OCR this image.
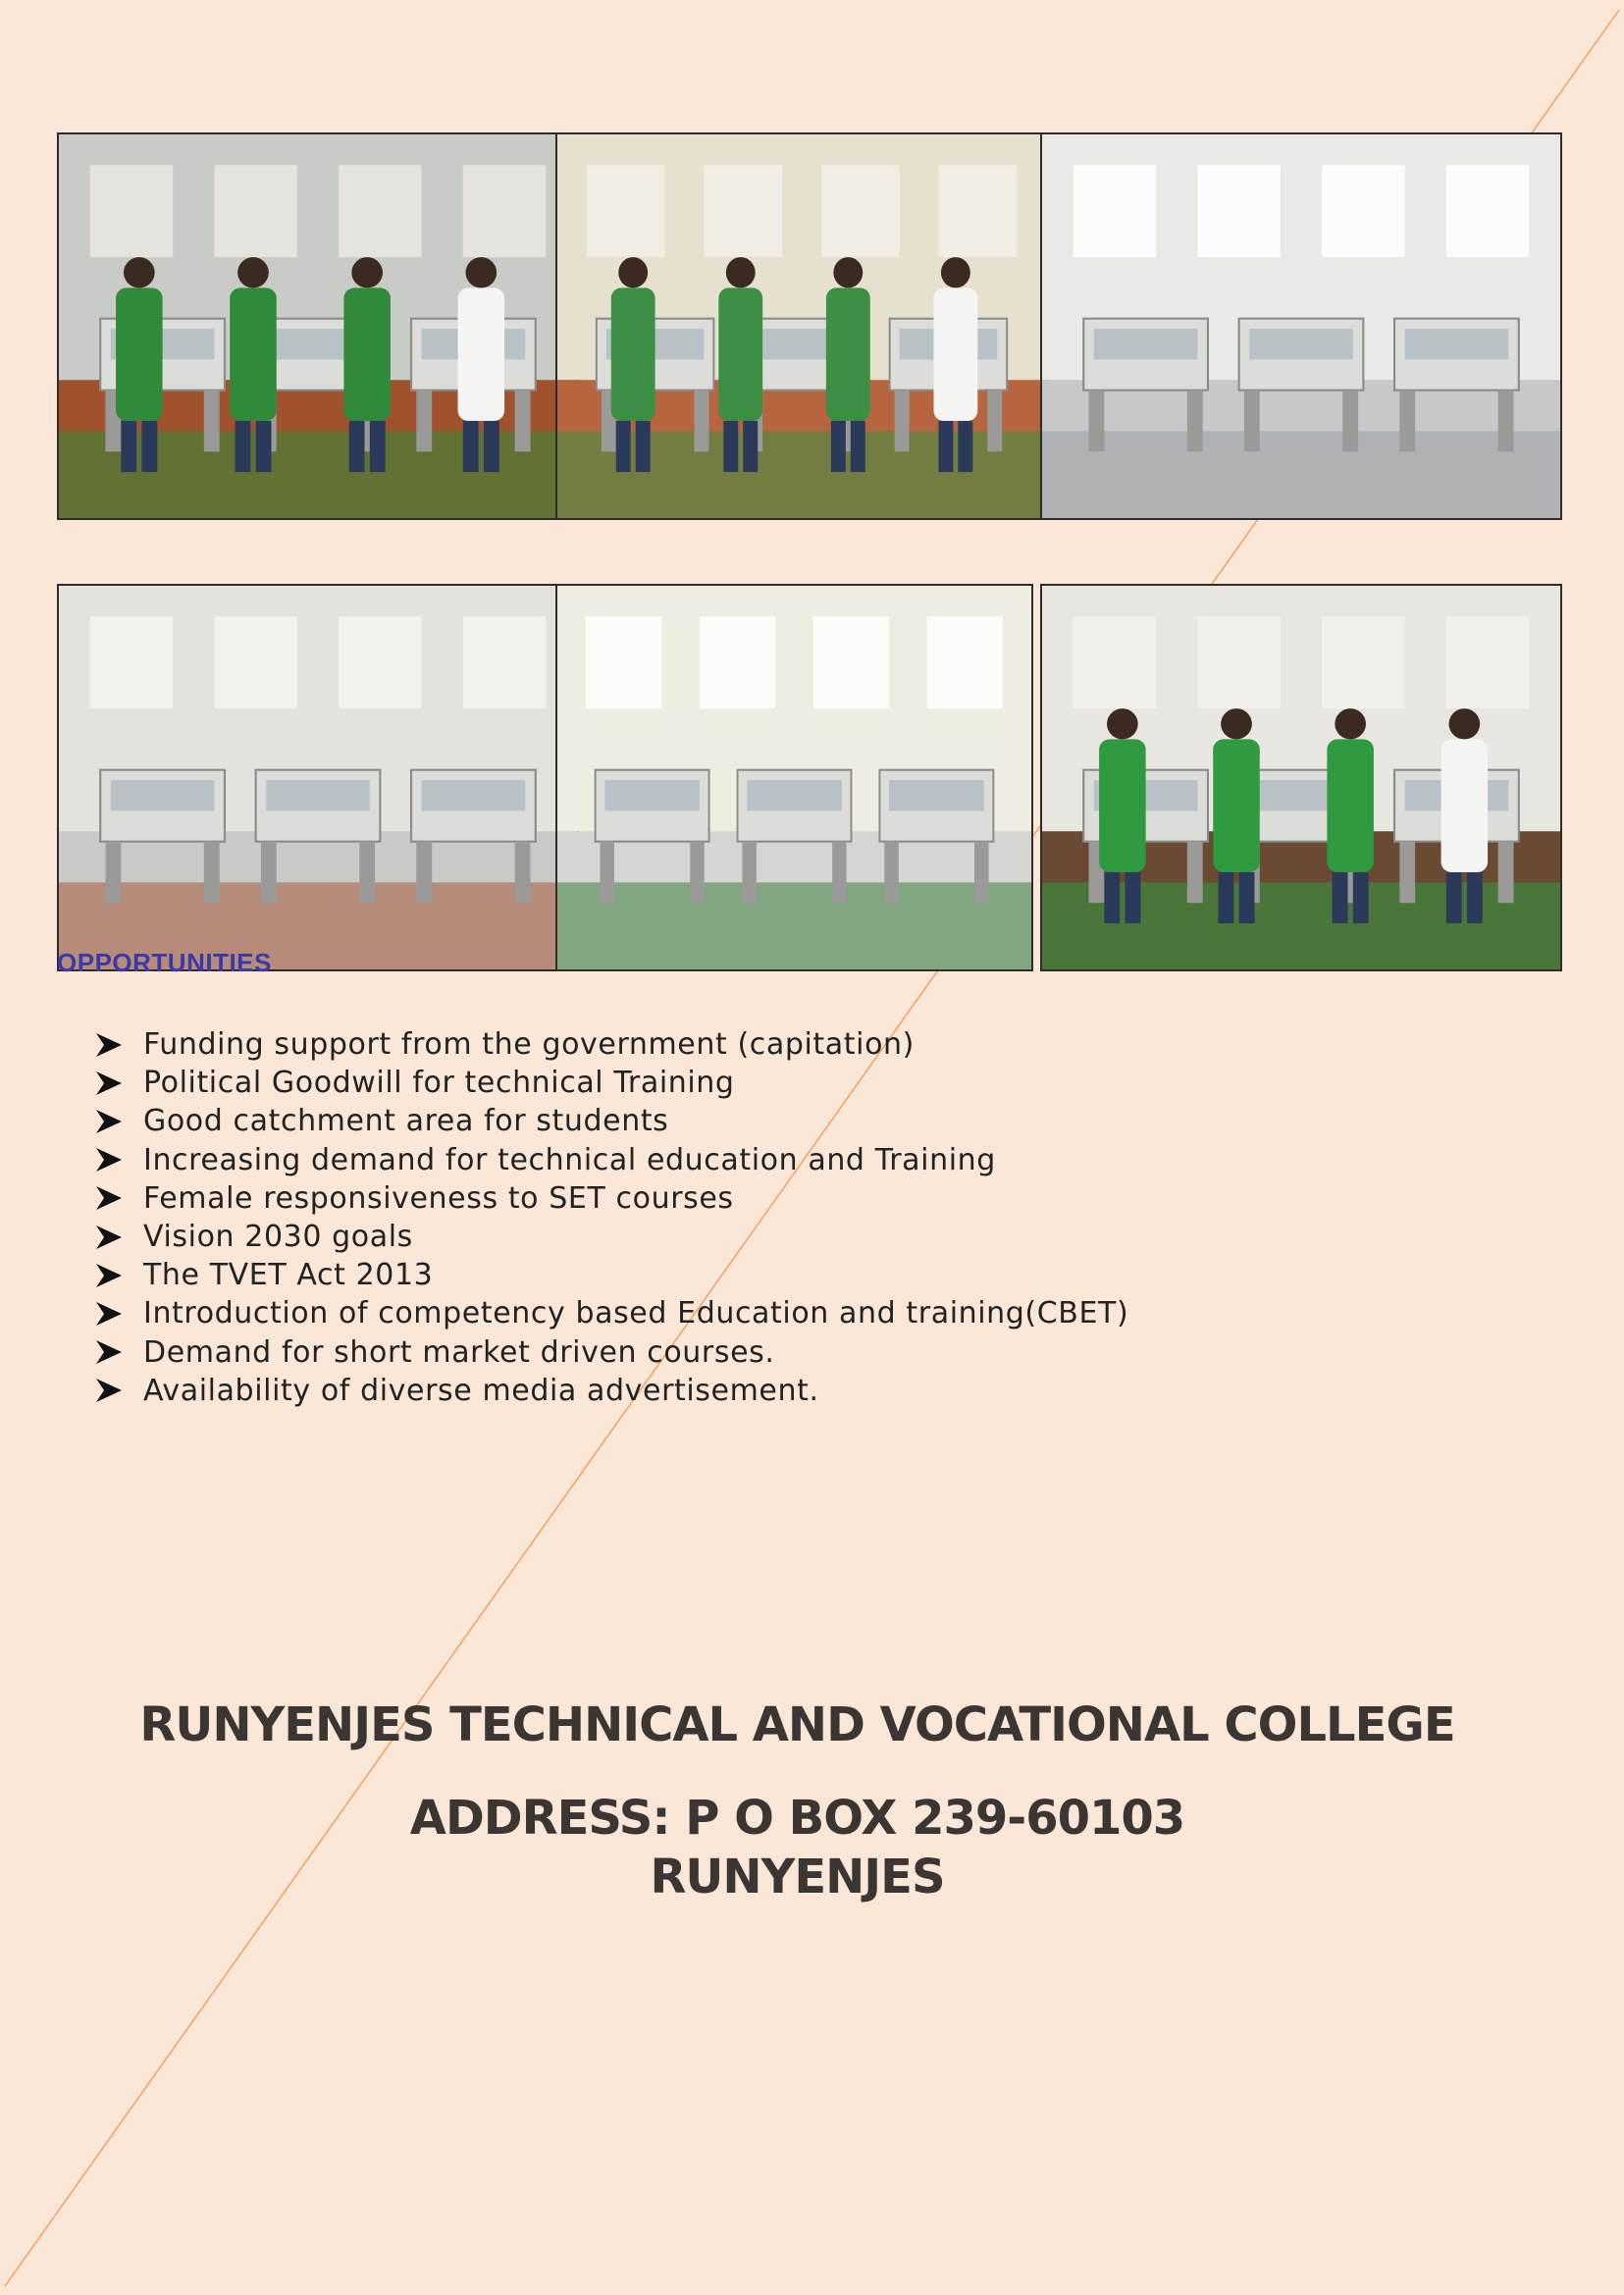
OPPORTUNITIES
Funding support from the government (capitation)
Political Goodwill for technical Training
Good catchment area for students
Increasing demand for technical education and Training
Female responsiveness to SET courses
Vision 2030 goals
The TVET Act 2013
Introduction of competency based Education and training(CBET)
Demand for short market driven courses.
Availability of diverse media advertisement.
RUNYENJES TECHNICAL AND VOCATIONAL COLLEGE
ADDRESS: P O BOX 239-60103
RUNYENJES
